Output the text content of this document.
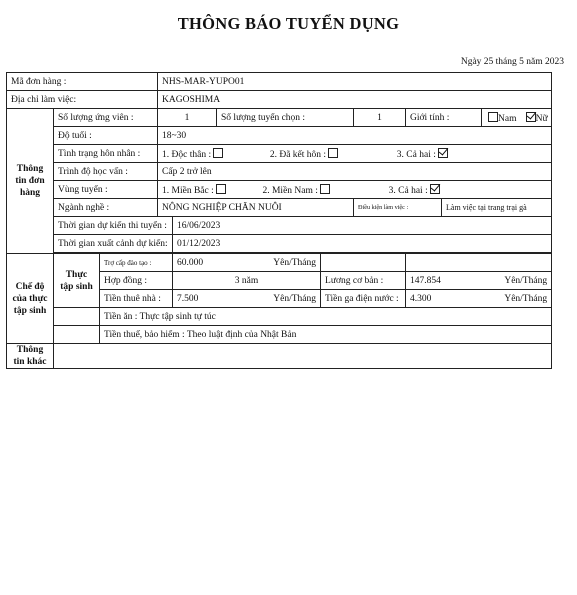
THÔNG BÁO TUYỂN DỤNG
Ngày 25 tháng 5 năm 2023
Mã đơn hàng :			NHS-MAR-YUPO01							
Địa chỉ làm việc:			KAGOSHIMA							
Thông tin đơn hàng	Số lượng ứng viên :		1		Số lượng tuyển chọn :		1	Giới tính :		Nam Nữ
	Độ tuổi :		18~30							
	Tình trạng hôn nhân :		1. Độc thân : 2. Đã kết hôn : 3. Cả hai :							
	Trình độ học vấn :		Cấp 2 trở lên							
	Vùng tuyển :		1. Miền Bắc : 2. Miền Nam : 3. Cả hai :							
	Ngành nghề :		NÔNG NGHIỆP CHĂN NUÔI				Điều kiện làm việc :		Làm việc tại trang trại gà	
	Thời gian dự kiến thi tuyển :			16/06/2023						
	Thời gian xuất cảnh dự kiến:			01/12/2023						

Chế độ của thực tập sinh	Thực tập sinh	Trợ cấp đào tạo :		60.000 Yên/Tháng						

		Hợp đồng :		3 năm		Lương cơ bản :		147.854 Yên/Tháng		

		Tiền thuê nhà :		7.500 Yên/Tháng		Tiền ga điện nước :		4.300 Yên/Tháng		

		Tiền ăn : Thực tập sinh tự túc								
		Tiền thuế, bảo hiểm : Theo luật định của Nhật Bản								
Thông tin khác										
